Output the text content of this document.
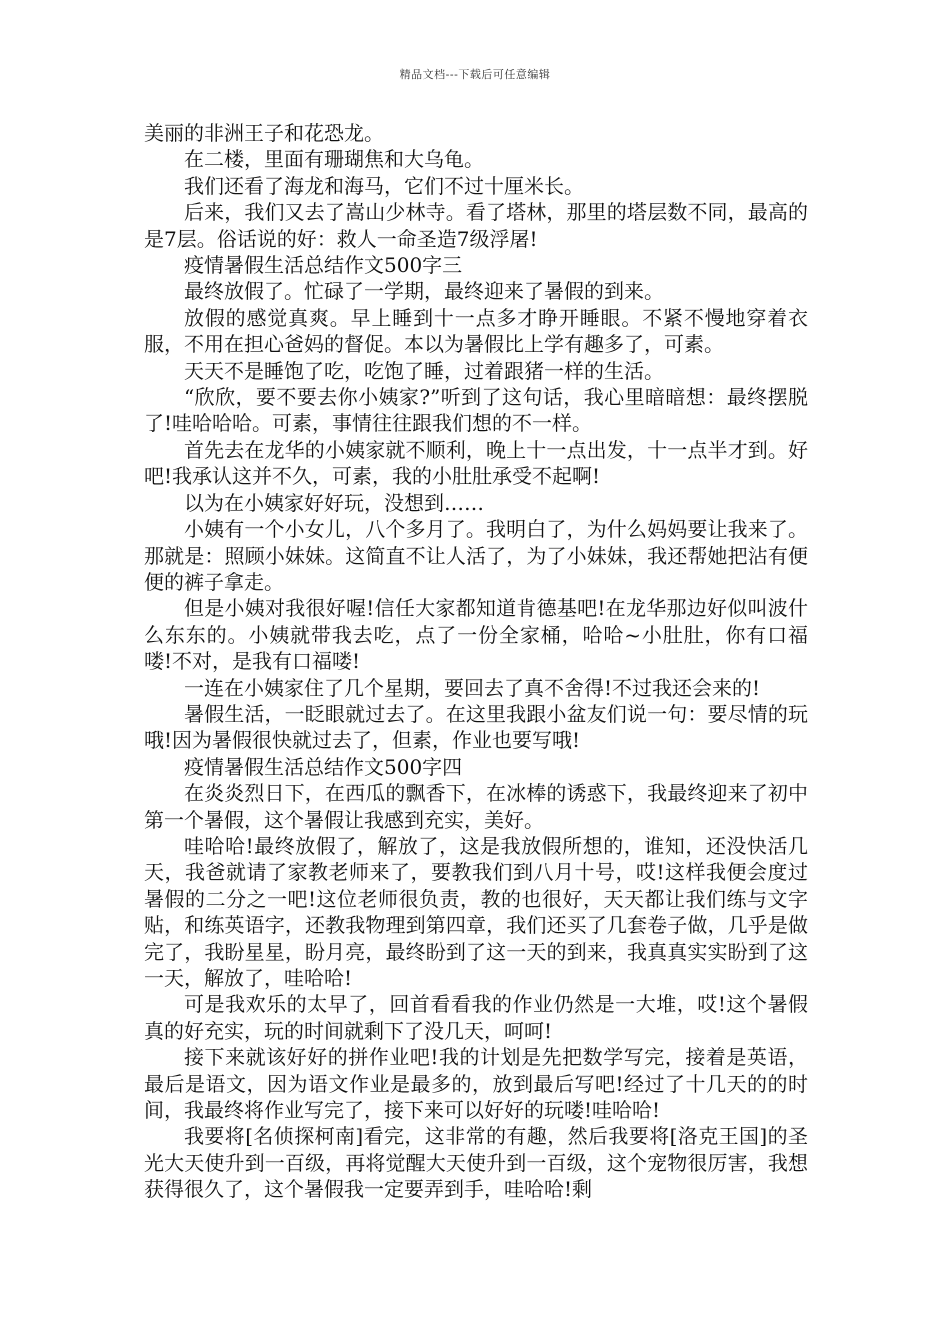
精品文档---下载后可任意编辑

美丽的非洲王子和花恐龙。

在二楼，里面有珊瑚焦和大乌龟。

我们还看了海龙和海马，它们不过十厘米长。

后来，我们又去了嵩山少林寺。看了塔林，那里的塔层数不同，最高的是7层。俗话说的好：救人一命圣造7级浮屠!

疫情暑假生活总结作文500字三

最终放假了。忙碌了一学期，最终迎来了暑假的到来。

放假的感觉真爽。早上睡到十一点多才睁开睡眼。不紧不慢地穿着衣服，不用在担心爸妈的督促。本以为暑假比上学有趣多了，可素。

天天不是睡饱了吃，吃饱了睡，过着跟猪一样的生活。

“欣欣，要不要去你小姨家?”听到了这句话，我心里暗暗想：最终摆脱了!哇哈哈哈。可素，事情往往跟我们想的不一样。

首先去在龙华的小姨家就不顺利，晚上十一点出发，十一点半才到。好吧!我承认这并不久，可素，我的小肚肚承受不起啊!

以为在小姨家好好玩，没想到……

小姨有一个小女儿，八个多月了。我明白了，为什么妈妈要让我来了。那就是：照顾小妹妹。这简直不让人活了，为了小妹妹，我还帮她把沾有便便的裤子拿走。

但是小姨对我很好喔!信任大家都知道肯德基吧!在龙华那边好似叫波什么东东的。小姨就带我去吃，点了一份全家桶，哈哈~小肚肚，你有口福喽!不对，是我有口福喽!

一连在小姨家住了几个星期，要回去了真不舍得!不过我还会来的!

暑假生活，一眨眼就过去了。在这里我跟小盆友们说一句：要尽情的玩哦!因为暑假很快就过去了，但素，作业也要写哦!

疫情暑假生活总结作文500字四

在炎炎烈日下，在西瓜的飘香下，在冰棒的诱惑下，我最终迎来了初中第一个暑假，这个暑假让我感到充实，美好。

哇哈哈!最终放假了，解放了，这是我放假所想的，谁知，还没快活几天，我爸就请了家教老师来了，要教我们到八月十号，哎!这样我便会度过暑假的二分之一吧!这位老师很负责，教的也很好，天天都让我们练与文字贴，和练英语字，还教我物理到第四章，我们还买了几套卷子做，几乎是做完了，我盼星星，盼月亮，最终盼到了这一天的到来，我真真实实盼到了这一天，解放了，哇哈哈!

可是我欢乐的太早了，回首看看我的作业仍然是一大堆，哎!这个暑假真的好充实，玩的时间就剩下了没几天，呵呵!

接下来就该好好的拼作业吧!我的计划是先把数学写完，接着是英语，最后是语文，因为语文作业是最多的，放到最后写吧!经过了十几天的的时间，我最终将作业写完了，接下来可以好好的玩喽!哇哈哈!

我要将[名侦探柯南]看完，这非常的有趣，然后我要将[洛克王国]的圣光大天使升到一百级，再将觉醒大天使升到一百级，这个宠物很厉害，我想获得很久了，这个暑假我一定要弄到手，哇哈哈!剩
